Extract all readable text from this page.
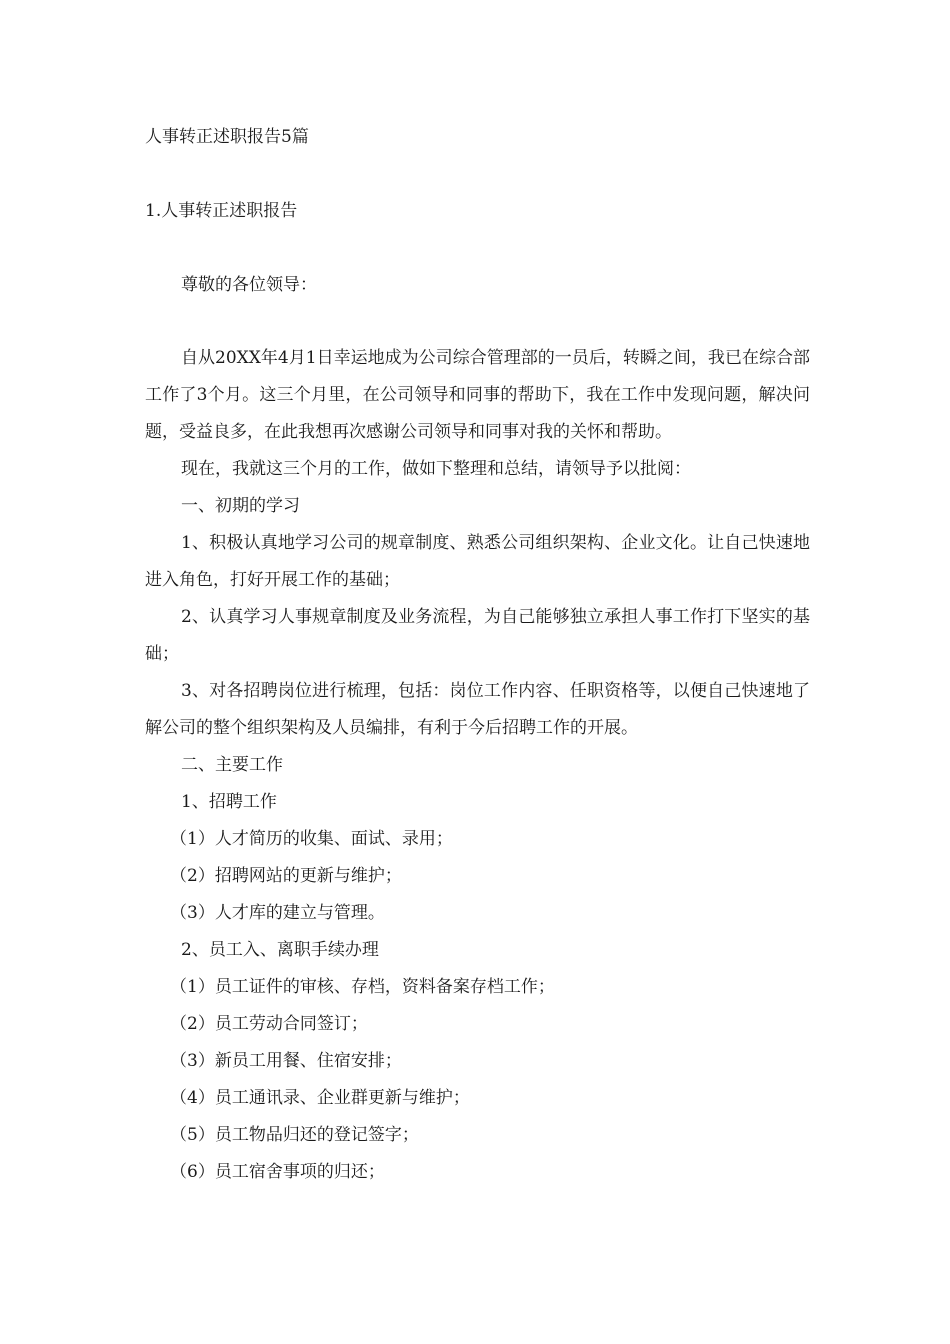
人事转正述职报告5篇
1.人事转正述职报告

尊敬的各位领导：

自从20XX年4月1日幸运地成为公司综合管理部的一员后，转瞬之间，我已在综合部工作了3个月。这三个月里，在公司领导和同事的帮助下，我在工作中发现问题，解决问题，受益良多，在此我想再次感谢公司领导和同事对我的关怀和帮助。

现在，我就这三个月的工作，做如下整理和总结，请领导予以批阅：

一、初期的学习

1、积极认真地学习公司的规章制度、熟悉公司组织架构、企业文化。让自己快速地进入角色，打好开展工作的基础；

2、认真学习人事规章制度及业务流程，为自己能够独立承担人事工作打下坚实的基础；

3、对各招聘岗位进行梳理，包括：岗位工作内容、任职资格等，以便自己快速地了解公司的整个组织架构及人员编排，有利于今后招聘工作的开展。

二、主要工作

1、招聘工作

（1）人才简历的收集、面试、录用；

（2）招聘网站的更新与维护；

（3）人才库的建立与管理。

2、员工入、离职手续办理

（1）员工证件的审核、存档，资料备案存档工作；

（2）员工劳动合同签订；

（3）新员工用餐、住宿安排；

（4）员工通讯录、企业群更新与维护；

（5）员工物品归还的登记签字；

（6）员工宿舍事项的归还；
